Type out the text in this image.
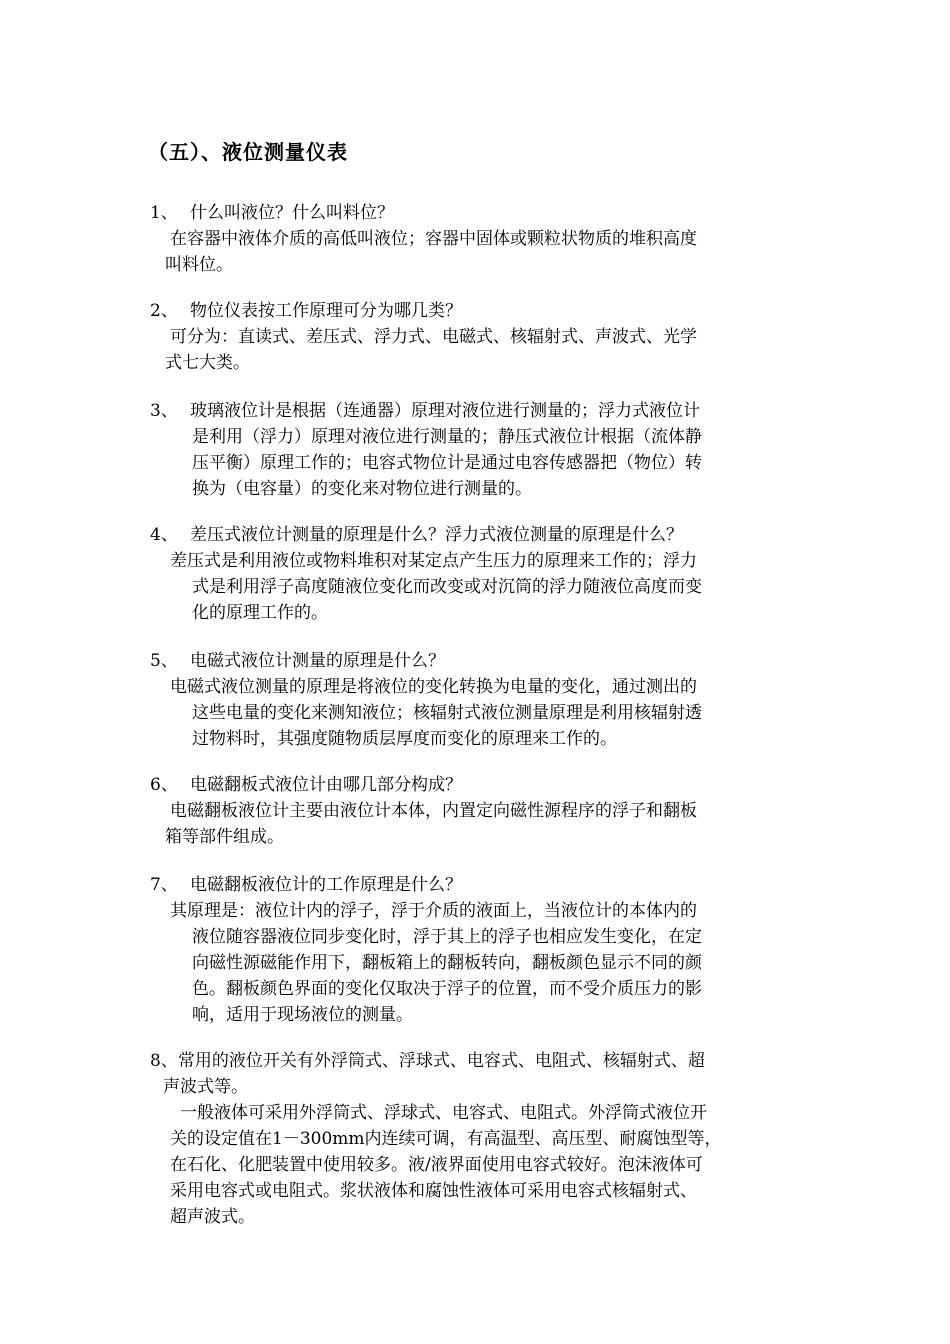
（五）、液位测量仪表
1、 什么叫液位？什么叫料位？
在容器中液体介质的高低叫液位；容器中固体或颗粒状物质的堆积高度
叫料位。
2、 物位仪表按工作原理可分为哪几类？
可分为：直读式、差压式、浮力式、电磁式、核辐射式、声波式、光学
式七大类。
3、 玻璃液位计是根据（连通器）原理对液位进行测量的；浮力式液位计
是利用（浮力）原理对液位进行测量的；静压式液位计根据（流体静
压平衡）原理工作的；电容式物位计是通过电容传感器把（物位）转
换为（电容量）的变化来对物位进行测量的。
4、 差压式液位计测量的原理是什么？浮力式液位测量的原理是什么？
差压式是利用液位或物料堆积对某定点产生压力的原理来工作的；浮力
式是利用浮子高度随液位变化而改变或对沉筒的浮力随液位高度而变
化的原理工作的。
5、 电磁式液位计测量的原理是什么？
电磁式液位测量的原理是将液位的变化转换为电量的变化，通过测出的
这些电量的变化来测知液位；核辐射式液位测量原理是利用核辐射透
过物料时，其强度随物质层厚度而变化的原理来工作的。
6、 电磁翻板式液位计由哪几部分构成？
电磁翻板液位计主要由液位计本体，内置定向磁性源程序的浮子和翻板
箱等部件组成。
7、 电磁翻板液位计的工作原理是什么？
其原理是：液位计内的浮子，浮于介质的液面上，当液位计的本体内的
液位随容器液位同步变化时，浮于其上的浮子也相应发生变化，在定
向磁性源磁能作用下，翻板箱上的翻板转向，翻板颜色显示不同的颜
色。翻板颜色界面的变化仅取决于浮子的位置，而不受介质压力的影
响，适用于现场液位的测量。
8、常用的液位开关有外浮筒式、浮球式、电容式、电阻式、核辐射式、超
声波式等。
一般液体可采用外浮筒式、浮球式、电容式、电阻式。外浮筒式液位开
关的设定值在1－300mm内连续可调，有高温型、高压型、耐腐蚀型等，
在石化、化肥装置中使用较多。液/液界面使用电容式较好。泡沫液体可
采用电容式或电阻式。浆状液体和腐蚀性液体可采用电容式核辐射式、
超声波式。
